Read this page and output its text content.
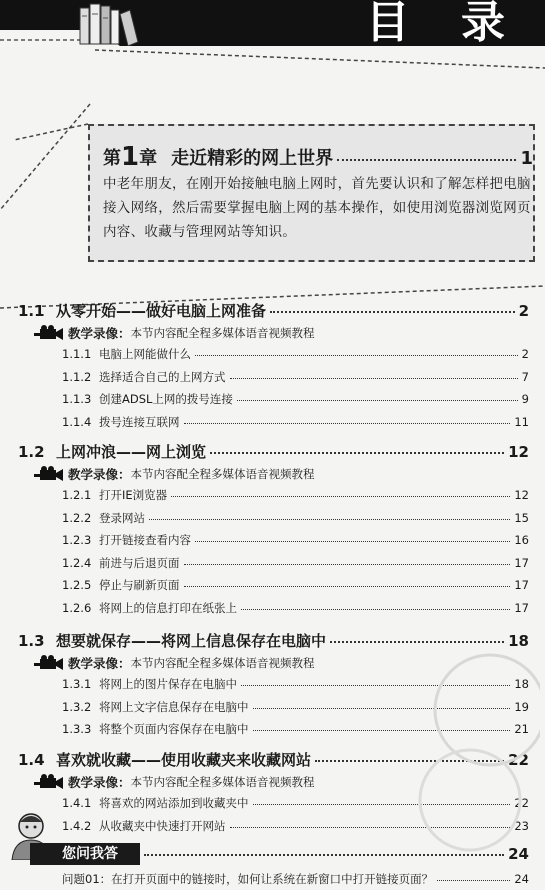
目 录
第1章 走近精彩的网上世界	1
中老年朋友，在刚开始接触电脑上网时，首先要认识和了解怎样把电脑接入网络，然后需要掌握电脑上网的基本操作，如使用浏览器浏览网页内容、收藏与管理网站等知识。
1.1 从零开始——做好电脑上网准备	2
教学录像： 本节内容配全程多媒体语音视频教程
1.1.1 电脑上网能做什么	2
1.1.2 选择适合自己的上网方式	7
1.1.3 创建ADSL上网的拨号连接	9
1.1.4 拨号连接互联网	11
1.2 上网冲浪——网上浏览	12
教学录像： 本节内容配全程多媒体语音视频教程
1.2.1 打开IE浏览器	12
1.2.2 登录网站	15
1.2.3 打开链接查看内容	16
1.2.4 前进与后退页面	17
1.2.5 停止与刷新页面	17
1.2.6 将网上的信息打印在纸张上	17
1.3 想要就保存——将网上信息保存在电脑中	18
教学录像： 本节内容配全程多媒体语音视频教程
1.3.1 将网上的图片保存在电脑中	18
1.3.2 将网上文字信息保存在电脑中	19
1.3.3 将整个页面内容保存在电脑中	21
1.4 喜欢就收藏——使用收藏夹来收藏网站	22
教学录像： 本节内容配全程多媒体语音视频教程
1.4.1 将喜欢的网站添加到收藏夹中	22
1.4.2 从收藏夹中快速打开网站	23
您问我答	24
问题01：在打开页面中的链接时，如何让系统在新窗口中打开链接页面？	24
